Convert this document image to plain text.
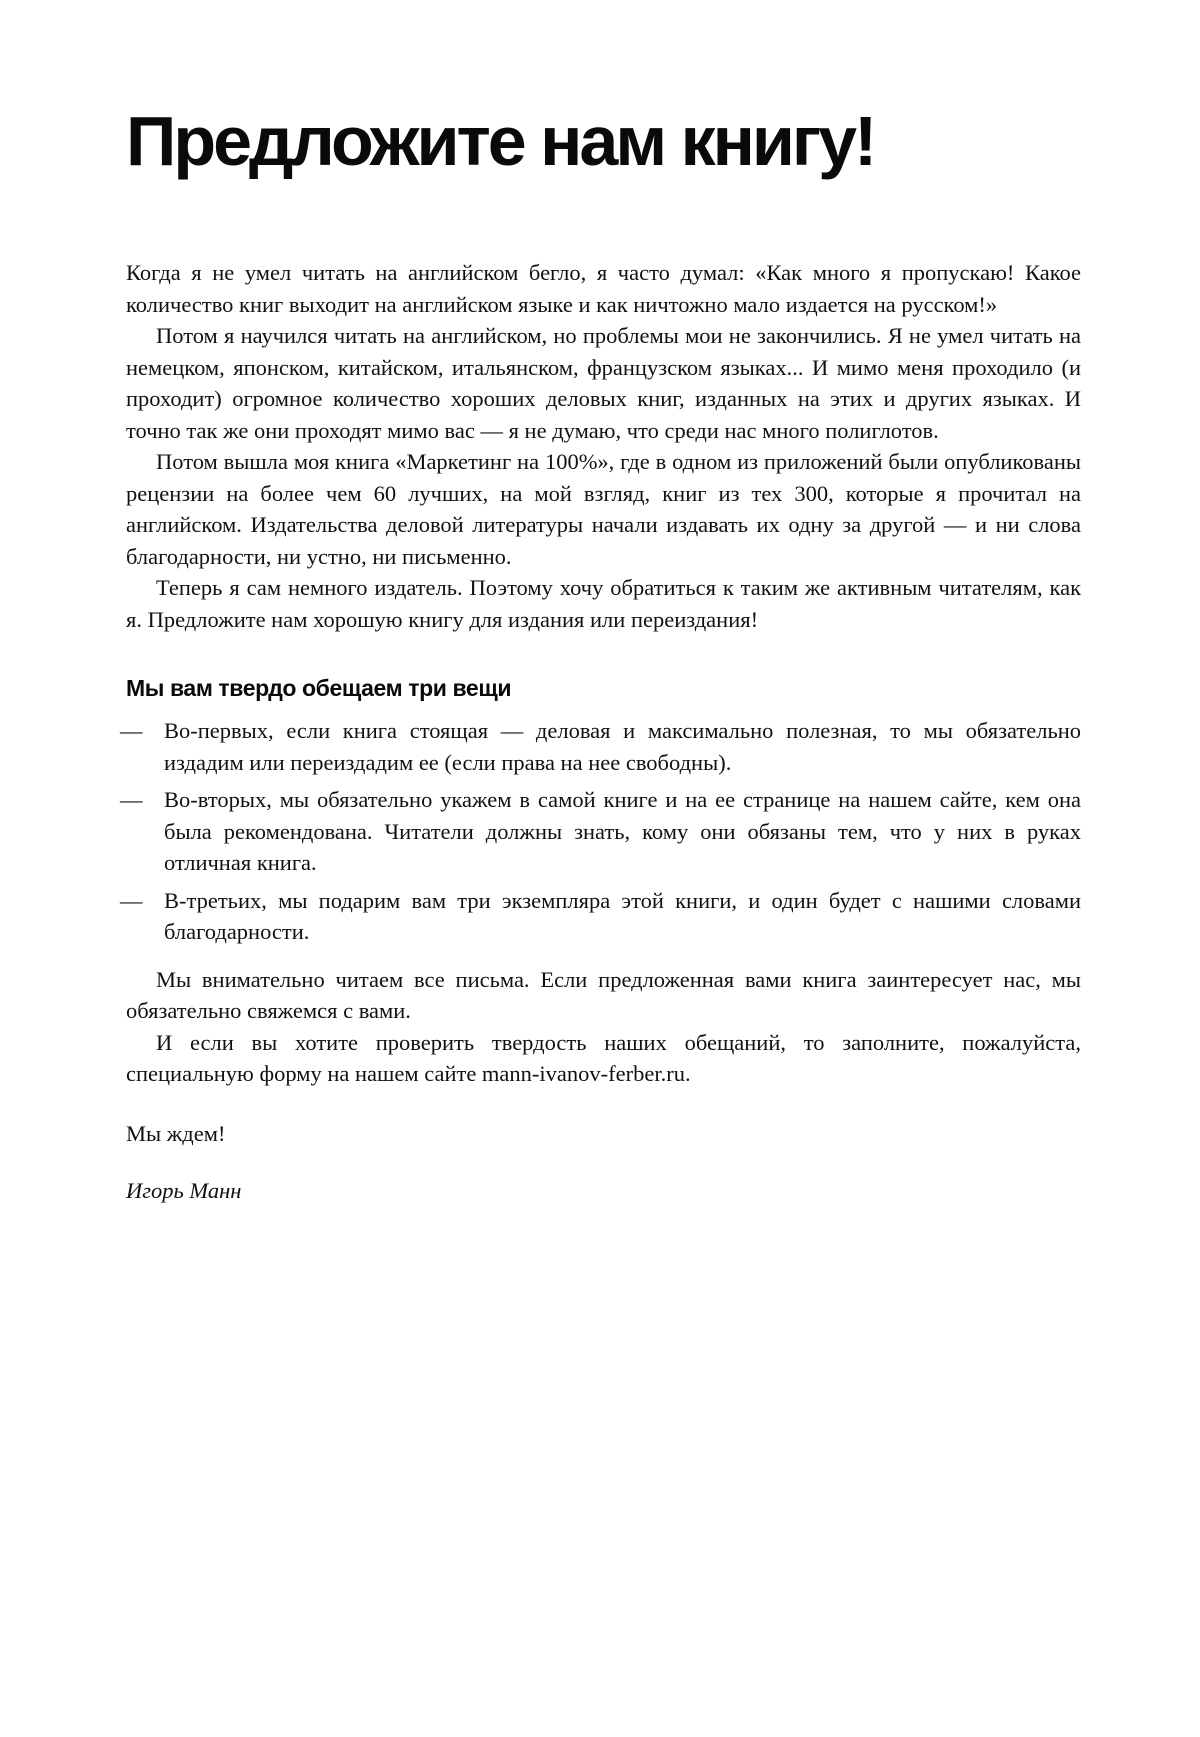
Предложите нам книгу!

Когда я не умел читать на английском бегло, я часто думал: «Как много я пропускаю! Какое количество книг выходит на английском языке и как ничтожно мало издается на русском!»

Потом я научился читать на английском, но проблемы мои не закончились. Я не умел читать на немецком, японском, китайском, итальянском, французском языках... И мимо меня проходило (и проходит) огромное количество хороших деловых книг, изданных на этих и других языках. И точно так же они проходят мимо вас — я не думаю, что среди нас много полиглотов.

Потом вышла моя книга «Маркетинг на 100%», где в одном из приложений были опубликованы рецензии на более чем 60 лучших, на мой взгляд, книг из тех 300, которые я прочитал на английском. Издательства деловой литературы начали издавать их одну за другой — и ни слова благодарности, ни устно, ни письменно.

Теперь я сам немного издатель. Поэтому хочу обратиться к таким же активным читателям, как я. Предложите нам хорошую книгу для издания или переиздания!

Мы вам твердо обещаем три вещи
— Во-первых, если книга стоящая — деловая и максимально полезная, то мы обязательно издадим или переиздадим ее (если права на нее свободны).
— Во-вторых, мы обязательно укажем в самой книге и на ее странице на нашем сайте, кем она была рекомендована. Читатели должны знать, кому они обязаны тем, что у них в руках отличная книга.
— В-третьих, мы подарим вам три экземпляра этой книги, и один будет с нашими словами благодарности.

Мы внимательно читаем все письма. Если предложенная вами книга заинтересует нас, мы обязательно свяжемся с вами.

И если вы хотите проверить твердость наших обещаний, то заполните, пожалуйста, специальную форму на нашем сайте mann-ivanov-ferber.ru.

Мы ждем!

Игорь Манн
